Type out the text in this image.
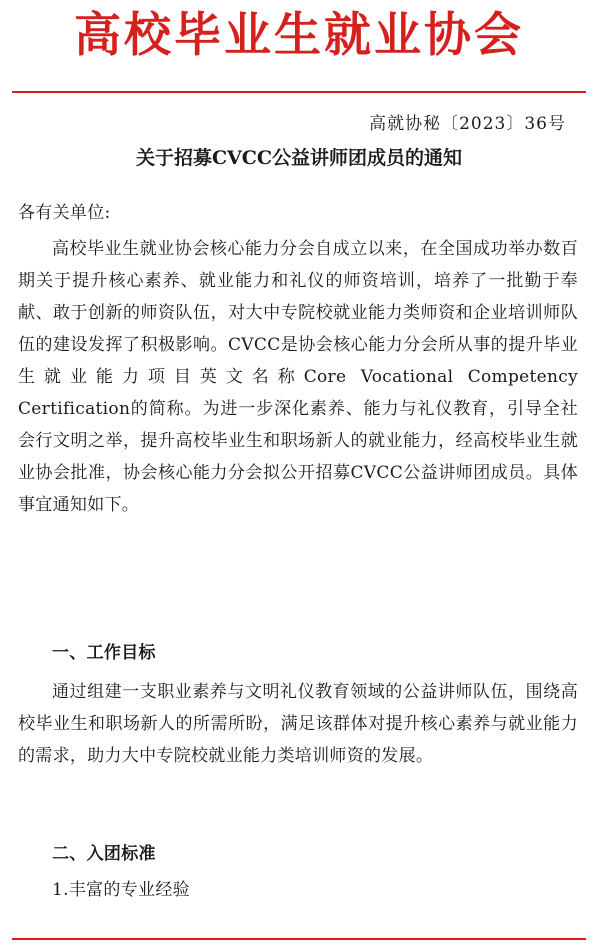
高校毕业生就业协会
高就协秘〔2023〕36号
关于招募CVCC公益讲师团成员的通知

各有关单位:

高校毕业生就业协会核心能力分会自成立以来，在全国成功举办数百期关于提升核心素养、就业能力和礼仪的师资培训，培养了一批勤于奉献、敢于创新的师资队伍，对大中专院校就业能力类师资和企业培训师队伍的建设发挥了积极影响。CVCC是协会核心能力分会所从事的提升毕业生就业能力项目英文名称Core Vocational Competency Certification的简称。为进一步深化素养、能力与礼仪教育，引导全社会行文明之举，提升高校毕业生和职场新人的就业能力，经高校毕业生就业协会批准，协会核心能力分会拟公开招募CVCC公益讲师团成员。具体事宜通知如下。

一、工作目标

通过组建一支职业素养与文明礼仪教育领域的公益讲师队伍，围绕高校毕业生和职场新人的所需所盼，满足该群体对提升核心素养与就业能力的需求，助力大中专院校就业能力类培训师资的发展。

二、入团标准

1.丰富的专业经验
